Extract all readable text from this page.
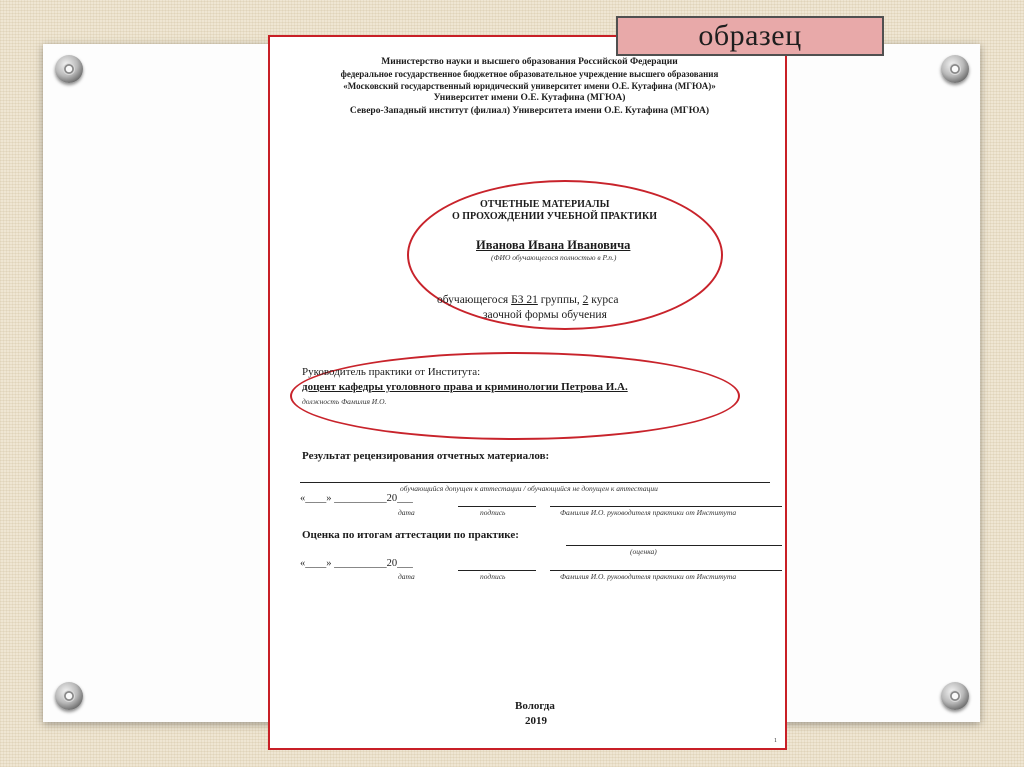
Министерство науки и высшего образования Российской Федерации
федеральное государственное бюджетное образовательное учреждение высшего образования
«Московский государственный юридический университет имени О.Е. Кутафина (МГЮА)»
Университет имени О.Е. Кутафина (МГЮА)
Северо-Западный институт (филиал) Университета имени О.Е. Кутафина (МГЮА)
ОТЧЕТНЫЕ МАТЕРИАЛЫ
О ПРОХОЖДЕНИИ УЧЕБНОЙ ПРАКТИКИ
Иванова Ивана Ивановича
(ФИО обучающегося полностью в Р.п.)
обучающегося БЗ 21 группы, 2 курса
заочной формы обучения
Руководитель практики от Института:
доцент кафедры уголовного права и криминологии Петрова И.А.
должность Фамилия И.О.
Результат рецензирования отчетных материалов:
обучающийся допущен к аттестации / обучающийся не допущен к аттестации
«____» __________20___
дата	подпись	Фамилия И.О. руководителя практики от Института
Оценка по итогам аттестации по практике:
(оценка)
«____» __________20___
дата	подпись	Фамилия И.О. руководителя практики от Института
Вологда
2019
1
образец
